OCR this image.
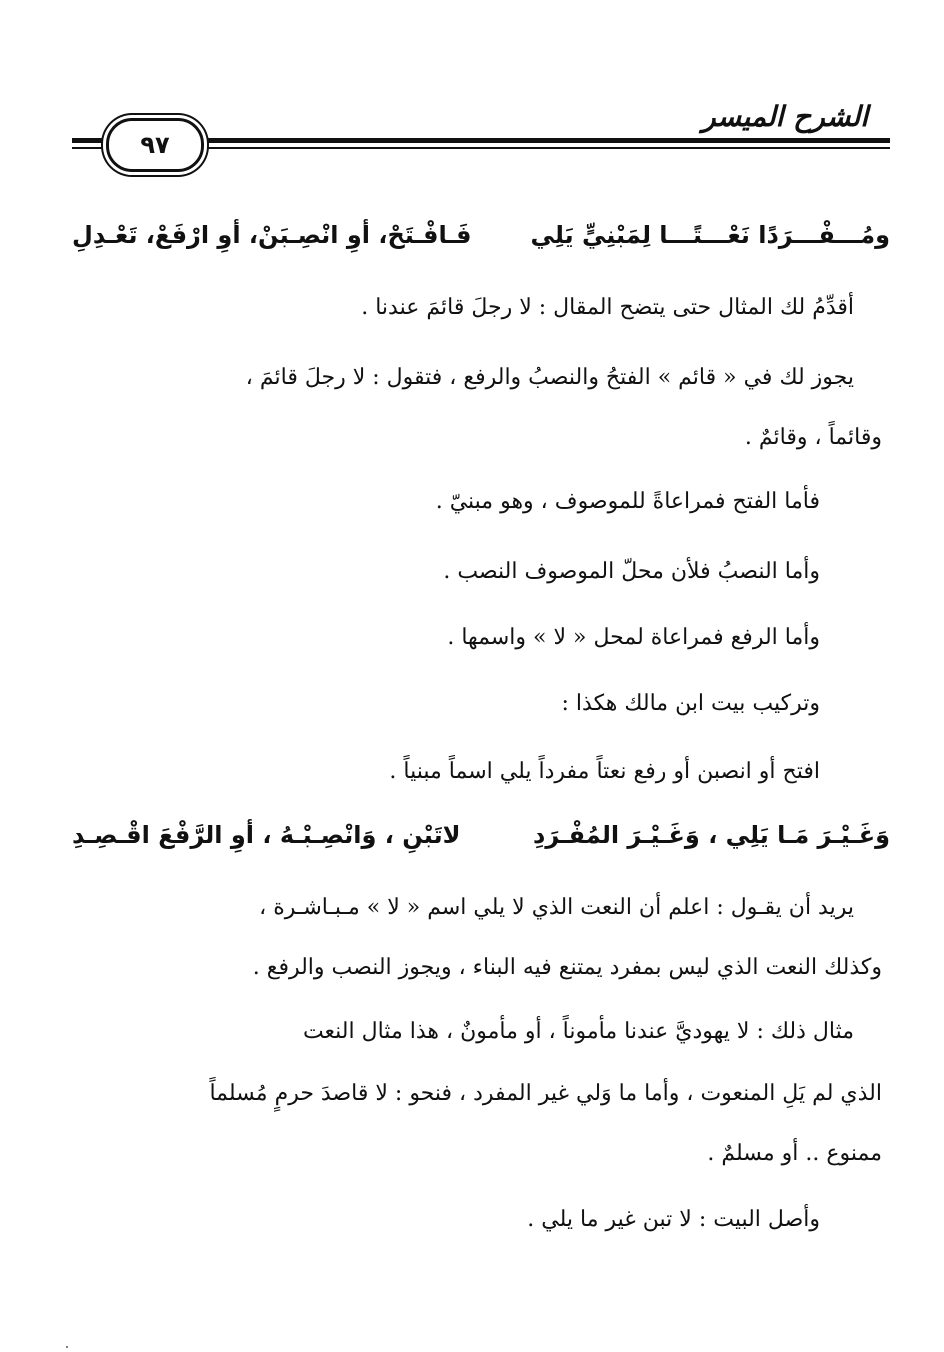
الشرح الميسر
٩٧
ومُـــفْـــرَدًا نَعْـــتًـــا لِمَبْنِيٍّ يَلِي
فَـافْـتَحْ، أوِ انْصِـبَنْ، أوِ ارْفَعْ، تَعْـدِلِ

أقدِّمُ لك المثال حتى يتضح المقال : لا رجلَ قائمَ عندنا .

يجوز لك في « قائم » الفتحُ والنصبُ والرفع ، فتقول : لا رجلَ قائمَ ،

وقائماً ، وقائمٌ .

فأما الفتح فمراعاةً للموصوف ، وهو مبنيّ .

وأما النصبُ فلأن محلّ الموصوف النصب .

وأما الرفع فمراعاة لمحل « لا » واسمها .

وتركيب بيت ابن مالك هكذا :

افتح أو انصبن أو رفع نعتاً مفرداً يلي اسماً مبنياً .

وَغَـيْـرَ مَـا يَلِي ، وَغَـيْـرَ المُفْـرَدِ
لاتَبْنِ ، وَانْصِـبْـهُ ، أوِ الرَّفْعَ اقْـصِـدِ

يريد أن يقـول : اعلم أن النعت الذي لا يلي اسم « لا » مـبـاشـرة ،

وكذلك النعت الذي ليس بمفرد يمتنع فيه البناء ، ويجوز النصب والرفع .

مثال ذلك : لا يهوديَّ عندنا مأموناً ، أو مأمونٌ ، هذا مثال النعت

الذي لم يَلِ المنعوت ، وأما ما وَلي غير المفرد ، فنحو : لا قاصدَ حرمٍ مُسلماً

ممنوع .. أو مسلمٌ .

وأصل البيت : لا تبن غير ما يلي .
